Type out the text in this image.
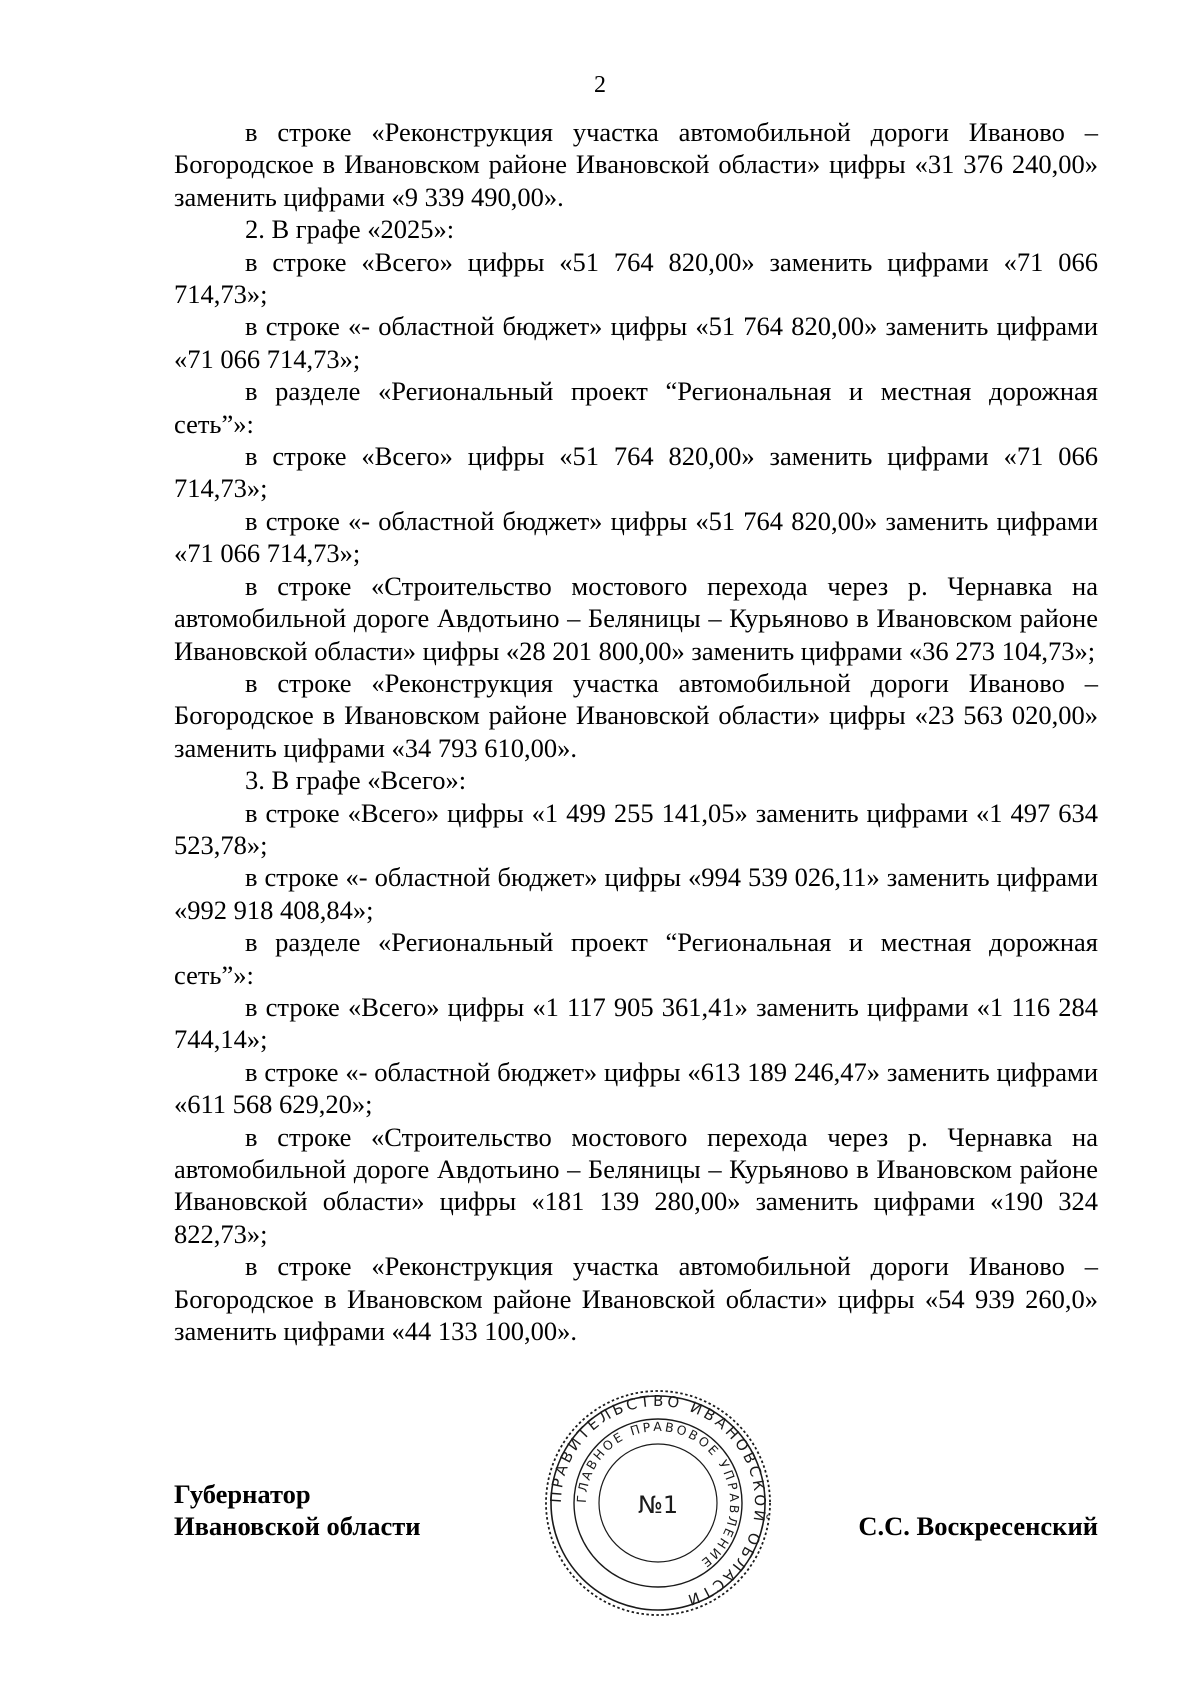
2

в строке «Реконструкция участка автомобильной дороги Иваново – Богородское в Ивановском районе Ивановской области» цифры «31 376 240,00» заменить цифрами «9 339 490,00».

2. В графе «2025»:

в строке «Всего» цифры «51 764 820,00» заменить цифрами «71 066 714,73»;

в строке «- областной бюджет» цифры «51 764 820,00» заменить цифрами «71 066 714,73»;

в разделе «Региональный проект “Региональная и местная дорожная сеть”»:

в строке «Всего» цифры «51 764 820,00» заменить цифрами «71 066 714,73»;

в строке «- областной бюджет» цифры «51 764 820,00» заменить цифрами «71 066 714,73»;

в строке «Строительство мостового перехода через р. Чернавка на автомобильной дороге Авдотьино – Беляницы – Курьяново в Ивановском районе Ивановской области» цифры «28 201 800,00» заменить цифрами «36 273 104,73»;

в строке «Реконструкция участка автомобильной дороги Иваново – Богородское в Ивановском районе Ивановской области» цифры «23 563 020,00» заменить цифрами «34 793 610,00».

3. В графе «Всего»:

в строке «Всего» цифры «1 499 255 141,05» заменить цифрами «1 497 634 523,78»;

в строке «- областной бюджет» цифры «994 539 026,11» заменить цифрами «992 918 408,84»;

в разделе «Региональный проект “Региональная и местная дорожная сеть”»:

в строке «Всего» цифры «1 117 905 361,41» заменить цифрами «1 116 284 744,14»;

в строке «- областной бюджет» цифры «613 189 246,47» заменить цифрами «611 568 629,20»;

в строке «Строительство мостового перехода через р. Чернавка на автомобильной дороге Авдотьино – Беляницы – Курьяново в Ивановском районе Ивановской области» цифры «181 139 280,00» заменить цифрами «190 324 822,73»;

в строке «Реконструкция участка автомобильной дороги Иваново – Богородское в Ивановском районе Ивановской области» цифры «54 939 260,0» заменить цифрами «44 133 100,00».

Губернатор
Ивановской области	С.С. Воскресенский
ПРАВИТЕЛЬСТВО ИВАНОВСКОЙ ОБЛАСТИ
ГЛАВНОЕ ПРАВОВОЕ УПРАВЛЕНИЕ
№1
